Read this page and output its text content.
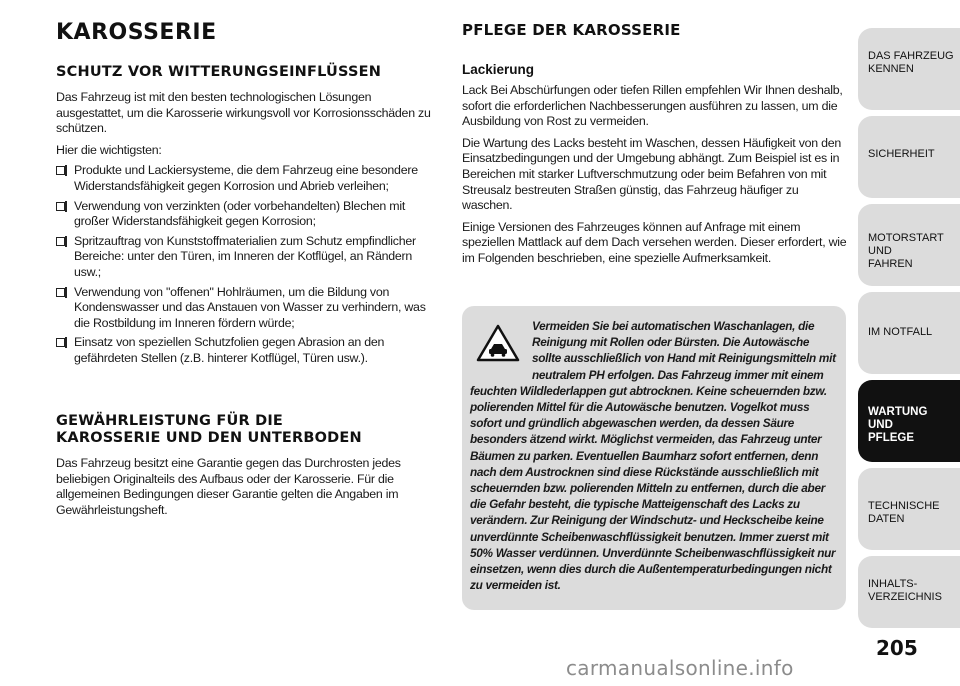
KAROSSERIE
SCHUTZ VOR WITTERUNGSEINFLÜSSEN

Das Fahrzeug ist mit den besten technologischen Lösungen ausgestattet, um die Karosserie wirkungsvoll vor Korrosionsschäden zu schützen.

Hier die wichtigsten:

Produkte und Lackiersysteme, die dem Fahrzeug eine besondere Widerstandsfähigkeit gegen Korrosion und Abrieb verleihen;
Verwendung von verzinkten (oder vorbehandelten) Blechen mit großer Widerstandsfähigkeit gegen Korrosion;
Spritzauftrag von Kunststoffmaterialien zum Schutz empfindlicher Bereiche: unter den Türen, im Inneren der Kotflügel, an Rändern usw.;
Verwendung von "offenen" Hohlräumen, um die Bildung von Kondenswasser und das Anstauen von Wasser zu verhindern, was die Rostbildung im Inneren fördern würde;
Einsatz von speziellen Schutzfolien gegen Abrasion an den gefährdeten Stellen (z.B. hinterer Kotflügel, Türen usw.).
GEWÄHRLEISTUNG FÜR DIE
KAROSSERIE UND DEN UNTERBODEN

Das Fahrzeug besitzt eine Garantie gegen das Durchrosten jedes beliebigen Originalteils des Aufbaus oder der Karosserie. Für die allgemeinen Bedingungen dieser Garantie gelten die Angaben im Gewährleistungsheft.

PFLEGE DER KAROSSERIE
Lackierung

Lack Bei Abschürfungen oder tiefen Rillen empfehlen Wir Ihnen deshalb, sofort die erforderlichen Nachbesserungen ausführen zu lassen, um die Ausbildung von Rost zu vermeiden.

Die Wartung des Lacks besteht im Waschen, dessen Häufigkeit von den Einsatzbedingungen und der Umgebung abhängt. Zum Beispiel ist es in Bereichen mit starker Luftverschmutzung oder beim Befahren von mit Streusalz bestreuten Straßen günstig, das Fahrzeug häufiger zu waschen.

Einige Versionen des Fahrzeuges können auf Anfrage mit einem speziellen Mattlack auf dem Dach versehen werden. Dieser erfordert, wie im Folgenden beschrieben, eine spezielle Aufmerksamkeit.

Vermeiden Sie bei automatischen Waschanlagen, die Reinigung mit Rollen oder Bürsten. Die Autowäsche sollte ausschließlich von Hand mit Reinigungsmitteln mit neutralem PH erfolgen. Das Fahrzeug immer mit einem feuchten Wildlederlappen gut abtrocknen. Keine scheuernden bzw. polierenden Mittel für die Autowäsche benutzen. Vogelkot muss sofort und gründlich abgewaschen werden, da dessen Säure besonders ätzend wirkt. Möglichst vermeiden, das Fahrzeug unter Bäumen zu parken. Eventuellen Baumharz sofort entfernen, denn nach dem Austrocknen sind diese Rückstände ausschließlich mit scheuernden bzw. polierenden Mitteln zu entfernen, durch die aber die Gefahr besteht, die typische Matteigenschaft des Lacks zu verändern. Zur Reinigung der Windschutz- und Heckscheibe keine unverdünnte Scheibenwaschflüssigkeit benutzen. Immer zuerst mit 50% Wasser verdünnen. Unverdünnte Scheibenwaschflüssigkeit nur einsetzen, wenn dies durch die Außentemperaturbedingungen nicht zu vermeiden ist.
DAS FAHRZEUG
KENNEN
SICHERHEIT
MOTORSTART UND
FAHREN
IM NOTFALL
WARTUNG UND
PFLEGE
TECHNISCHE DATEN
INHALTS-
VERZEICHNIS
205
carmanualsonline.info
